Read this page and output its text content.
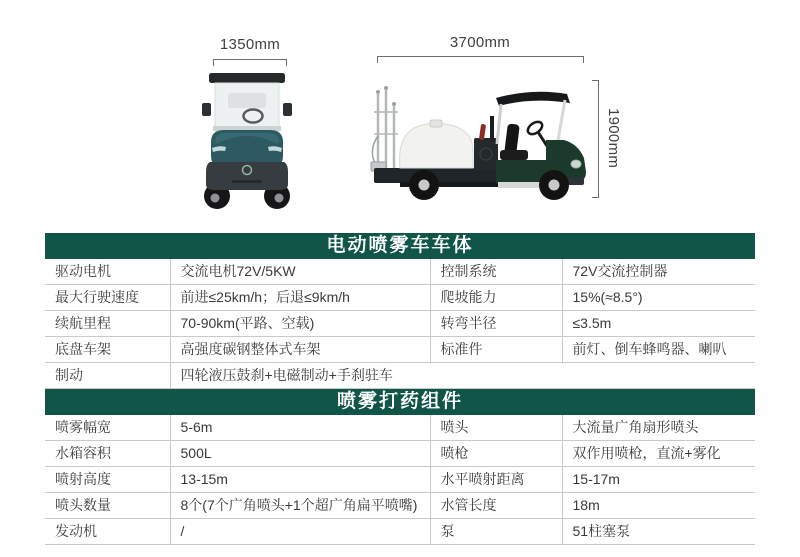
1350mm	3700mm
1900mm
电动喷雾车车体
驱动电机	交流电机72V/5KW	控制系统	72V交流控制器
最大行驶速度	前进≤25km/h；后退≤9km/h	爬坡能力	15%(≈8.5°)
续航里程	70-90km(平路、空载)	转弯半径	≤3.5m
底盘车架	高强度碳钢整体式车架	标准件	前灯、倒车蜂鸣器、喇叭
制动	四轮液压鼓刹+电磁制动+手刹驻车		
喷雾打药组件
喷雾幅宽	5-6m	喷头	大流量广角扇形喷头
水箱容积	500L	喷枪	双作用喷枪，直流+雾化
喷射高度	13-15m	水平喷射距离	15-17m
喷头数量	8个(7个广角喷头+1个超广角扁平喷嘴)	水管长度	18m
发动机	/	泵	51柱塞泵
